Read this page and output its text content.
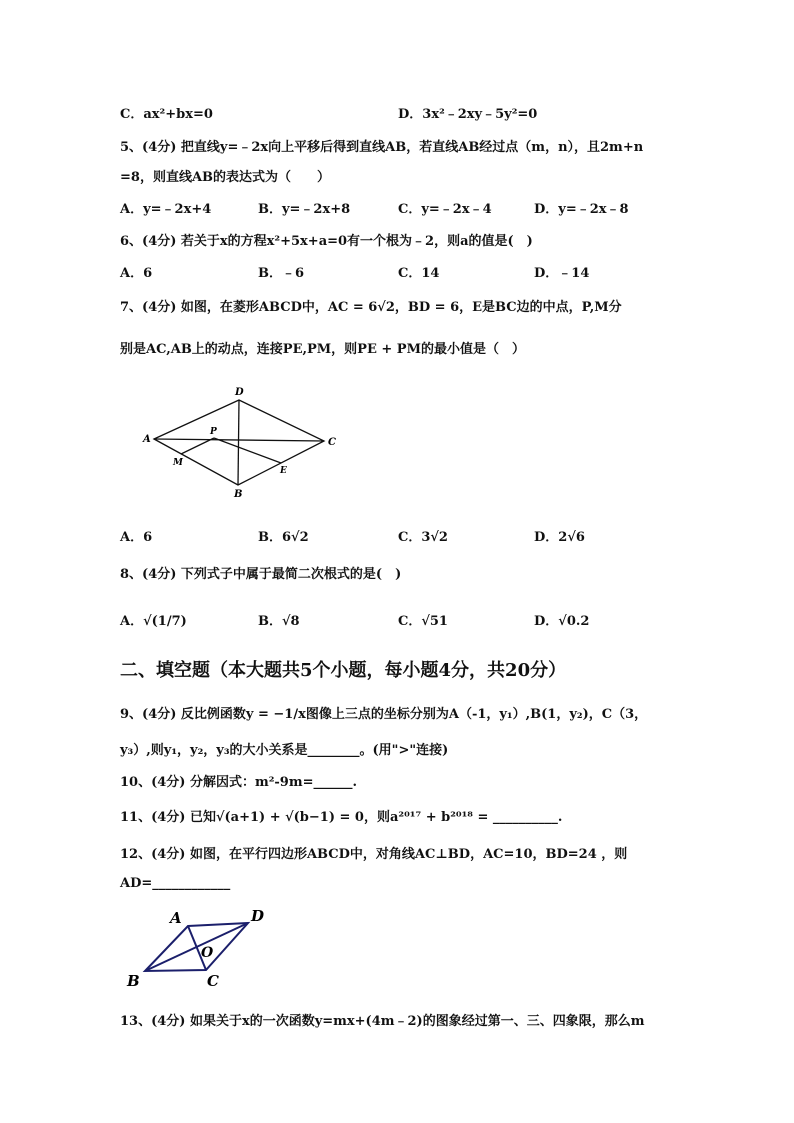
C．ax²+bx=0	D．3x²﹣2xy﹣5y²=0
5、(4分) 把直线y=﹣2x向上平移后得到直线AB，若直线AB经过点（m，n），且2m+n
=8，则直线AB的表达式为（　　）
A．y=﹣2x+4	B．y=﹣2x+8	C．y=﹣2x﹣4	D．y=﹣2x﹣8
6、(4分) 若关于x的方程x²+5x+a=0有一个根为﹣2，则a的值是(　)
A．6	B．﹣6	C．14	D．﹣14
7、(4分) 如图，在菱形ABCD中，AC = 6√2，BD = 6，E是BC边的中点，P,M分
别是AC,AB上的动点，连接PE,PM，则PE + PM的最小值是（　）
D
A	C
B
P
M
E
A．6	B．6√2	C．3√2	D．2√6
8、(4分) 下列式子中属于最简二次根式的是(　)
A．√(1/7)	B．√8	C．√51	D．√0.2
二、填空题（本大题共5个小题，每小题4分，共20分）
9、(4分) 反比例函数y = −1/x图像上三点的坐标分别为A（-1，y₁）,B(1，y₂)，C（3，
y₃）,则y₁，y₂，y₃的大小关系是________。(用">"连接)
10、(4分) 分解因式：m²-9m=______.
11、(4分) 已知√(a+1) + √(b−1) = 0，则a²⁰¹⁷ + b²⁰¹⁸ = __________.
12、(4分) 如图，在平行四边形ABCD中，对角线AC⊥BD，AC=10，BD=24 ，则
AD=____________
A	D
O
B	C
13、(4分) 如果关于x的一次函数y=mx+(4m﹣2)的图象经过第一、三、四象限，那么m
